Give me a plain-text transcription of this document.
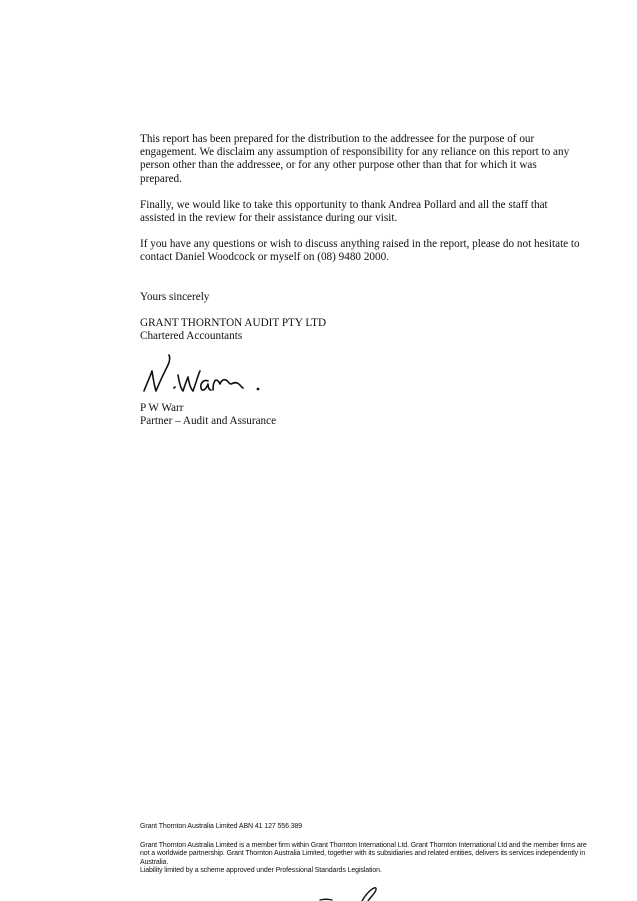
This report has been prepared for the distribution to the addressee for the purpose of our engagement. We disclaim any assumption of responsibility for any reliance on this report to any person other than the addressee, or for any other purpose other than that for which it was prepared.

Finally, we would like to take this opportunity to thank Andrea Pollard and all the staff that assisted in the review for their assistance during our visit.

If you have any questions or wish to discuss anything raised in the report, please do not hesitate to contact Daniel Woodcock or myself on (08) 9480 2000.

Yours sincerely

GRANT THORNTON AUDIT PTY LTD
Chartered Accountants
P W Warr
Partner – Audit and Assurance

Grant Thornton Australia Limited ABN 41 127 556 389

Grant Thornton Australia Limited is a member firm within Grant Thornton International Ltd. Grant Thornton International Ltd and the member firms are not a worldwide partnership. Grant Thornton Australia Limited, together with its subsidiaries and related entities, delivers its services independently in Australia.

Liability limited by a scheme approved under Professional Standards Legislation.
